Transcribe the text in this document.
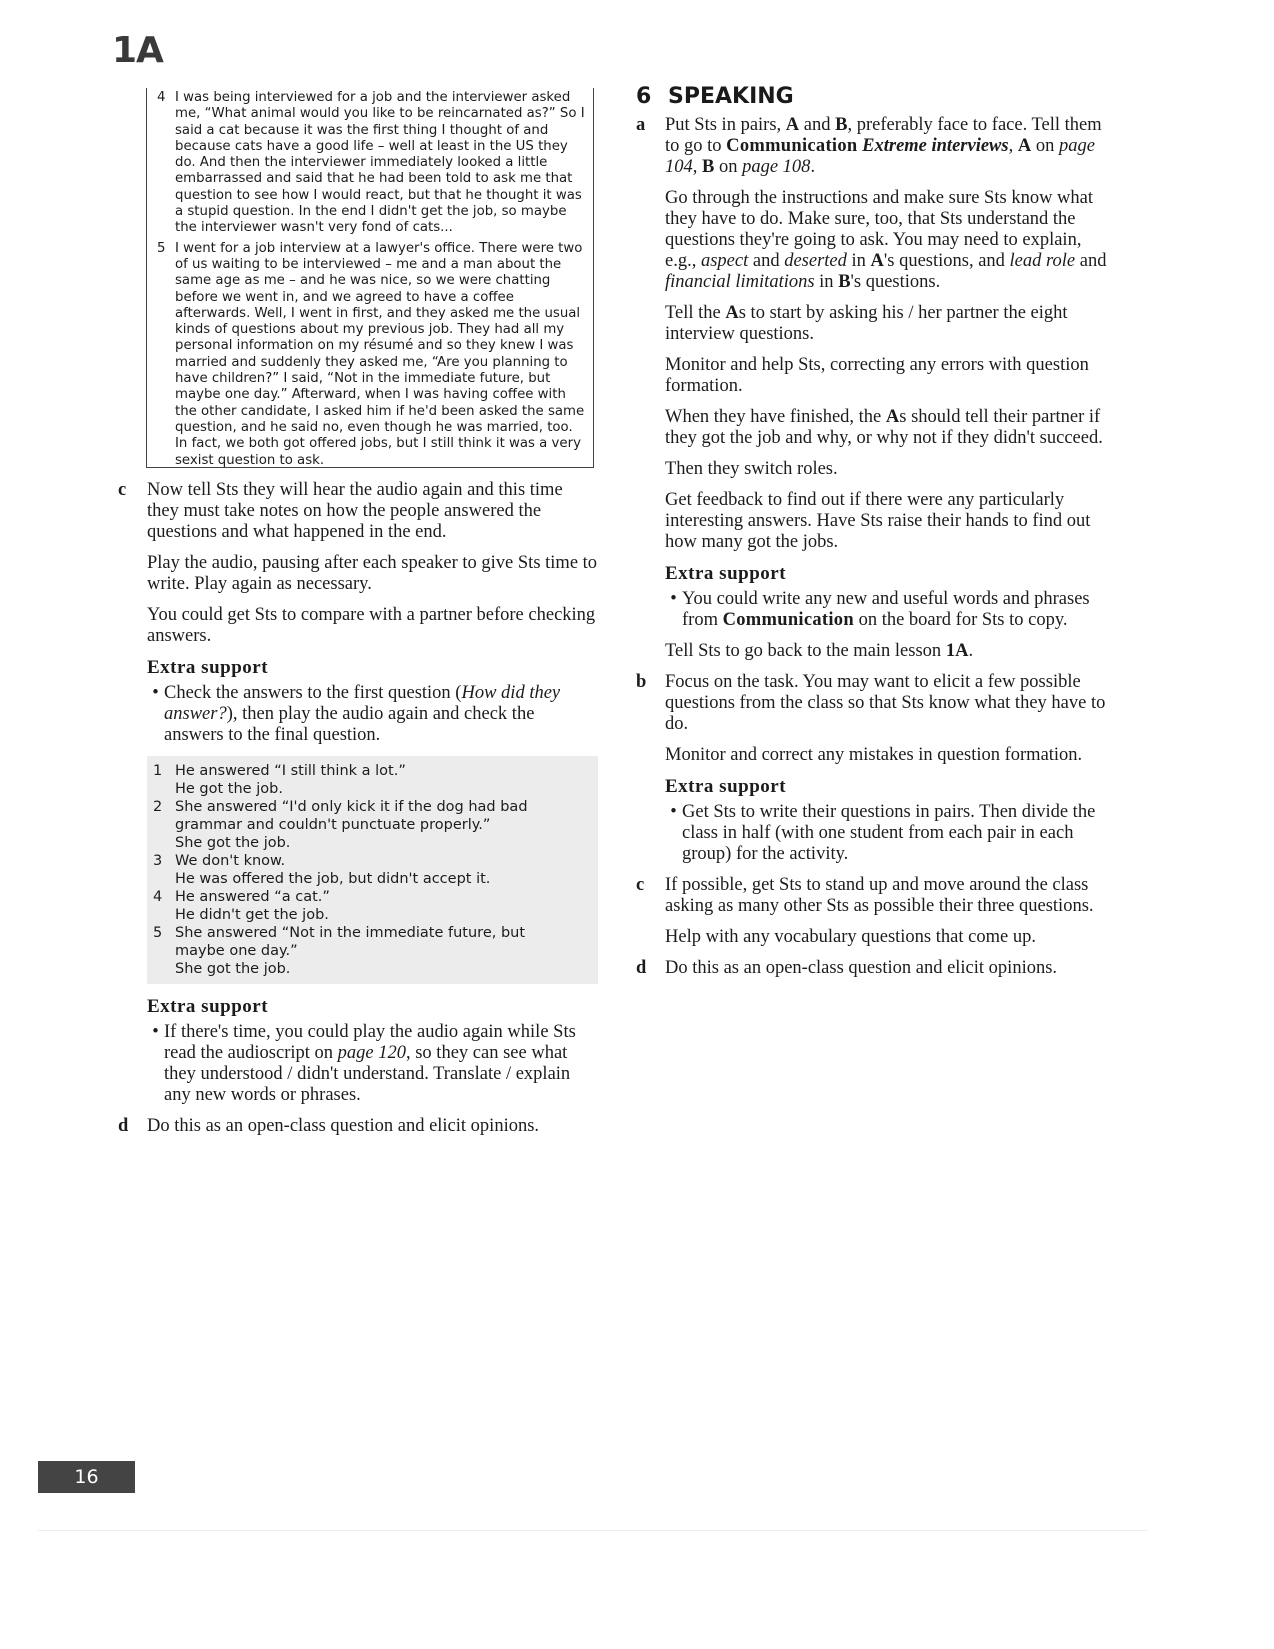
1A
4 I was being interviewed for a job and the interviewer asked me, “What animal would you like to be reincarnated as?” So I said a cat because it was the first thing I thought of and because cats have a good life – well at least in the US they do. And then the interviewer immediately looked a little embarrassed and said that he had been told to ask me that question to see how I would react, but that he thought it was a stupid question. In the end I didn't get the job, so maybe the interviewer wasn't very fond of cats...
5 I went for a job interview at a lawyer's office. There were two of us waiting to be interviewed – me and a man about the same age as me – and he was nice, so we were chatting before we went in, and we agreed to have a coffee afterwards. Well, I went in first, and they asked me the usual kinds of questions about my previous job. They had all my personal information on my résumé and so they knew I was married and suddenly they asked me, “Are you planning to have children?” I said, “Not in the immediate future, but maybe one day.” Afterward, when I was having coffee with the other candidate, I asked him if he'd been asked the same question, and he said no, even though he was married, too. In fact, we both got offered jobs, but I still think it was a very sexist question to ask.
c	Now tell Sts they will hear the audio again and this time they must take notes on how the people answered the questions and what happened in the end.

Play the audio, pausing after each speaker to give Sts time to write. Play again as necessary.

You could get Sts to compare with a partner before checking answers.

Extra support
• Check the answers to the first question (How did they answer?), then play the audio again and check the answers to the final question.
1 He answered “I still think a lot.”
He got the job.
2 She answered “I'd only kick it if the dog had bad grammar and couldn't punctuate properly.”
She got the job.
3 We don't know.
He was offered the job, but didn't accept it.
4 He answered “a cat.”
He didn't get the job.
5 She answered “Not in the immediate future, but maybe one day.”
She got the job.
Extra support
• If there's time, you could play the audio again while Sts read the audioscript on page 120, so they can see what they understood / didn't understand. Translate / explain any new words or phrases.
d	Do this as an open-class question and elicit opinions.

6 SPEAKING
a	Put Sts in pairs, A and B, preferably face to face. Tell them to go to Communication Extreme interviews, A on page 104, B on page 108.

Go through the instructions and make sure Sts know what they have to do. Make sure, too, that Sts understand the questions they're going to ask. You may need to explain, e.g., aspect and deserted in A's questions, and lead role and financial limitations in B's questions.

Tell the As to start by asking his / her partner the eight interview questions.

Monitor and help Sts, correcting any errors with question formation.

When they have finished, the As should tell their partner if they got the job and why, or why not if they didn't succeed.

Then they switch roles.

Get feedback to find out if there were any particularly interesting answers. Have Sts raise their hands to find out how many got the jobs.

Extra support
• You could write any new and useful words and phrases from Communication on the board for Sts to copy.

Tell Sts to go back to the main lesson 1A.

b	Focus on the task. You may want to elicit a few possible questions from the class so that Sts know what they have to do.

Monitor and correct any mistakes in question formation.

Extra support
• Get Sts to write their questions in pairs. Then divide the class in half (with one student from each pair in each group) for the activity.
c	If possible, get Sts to stand up and move around the class asking as many other Sts as possible their three questions.

Help with any vocabulary questions that come up.

d	Do this as an open-class question and elicit opinions.

16
